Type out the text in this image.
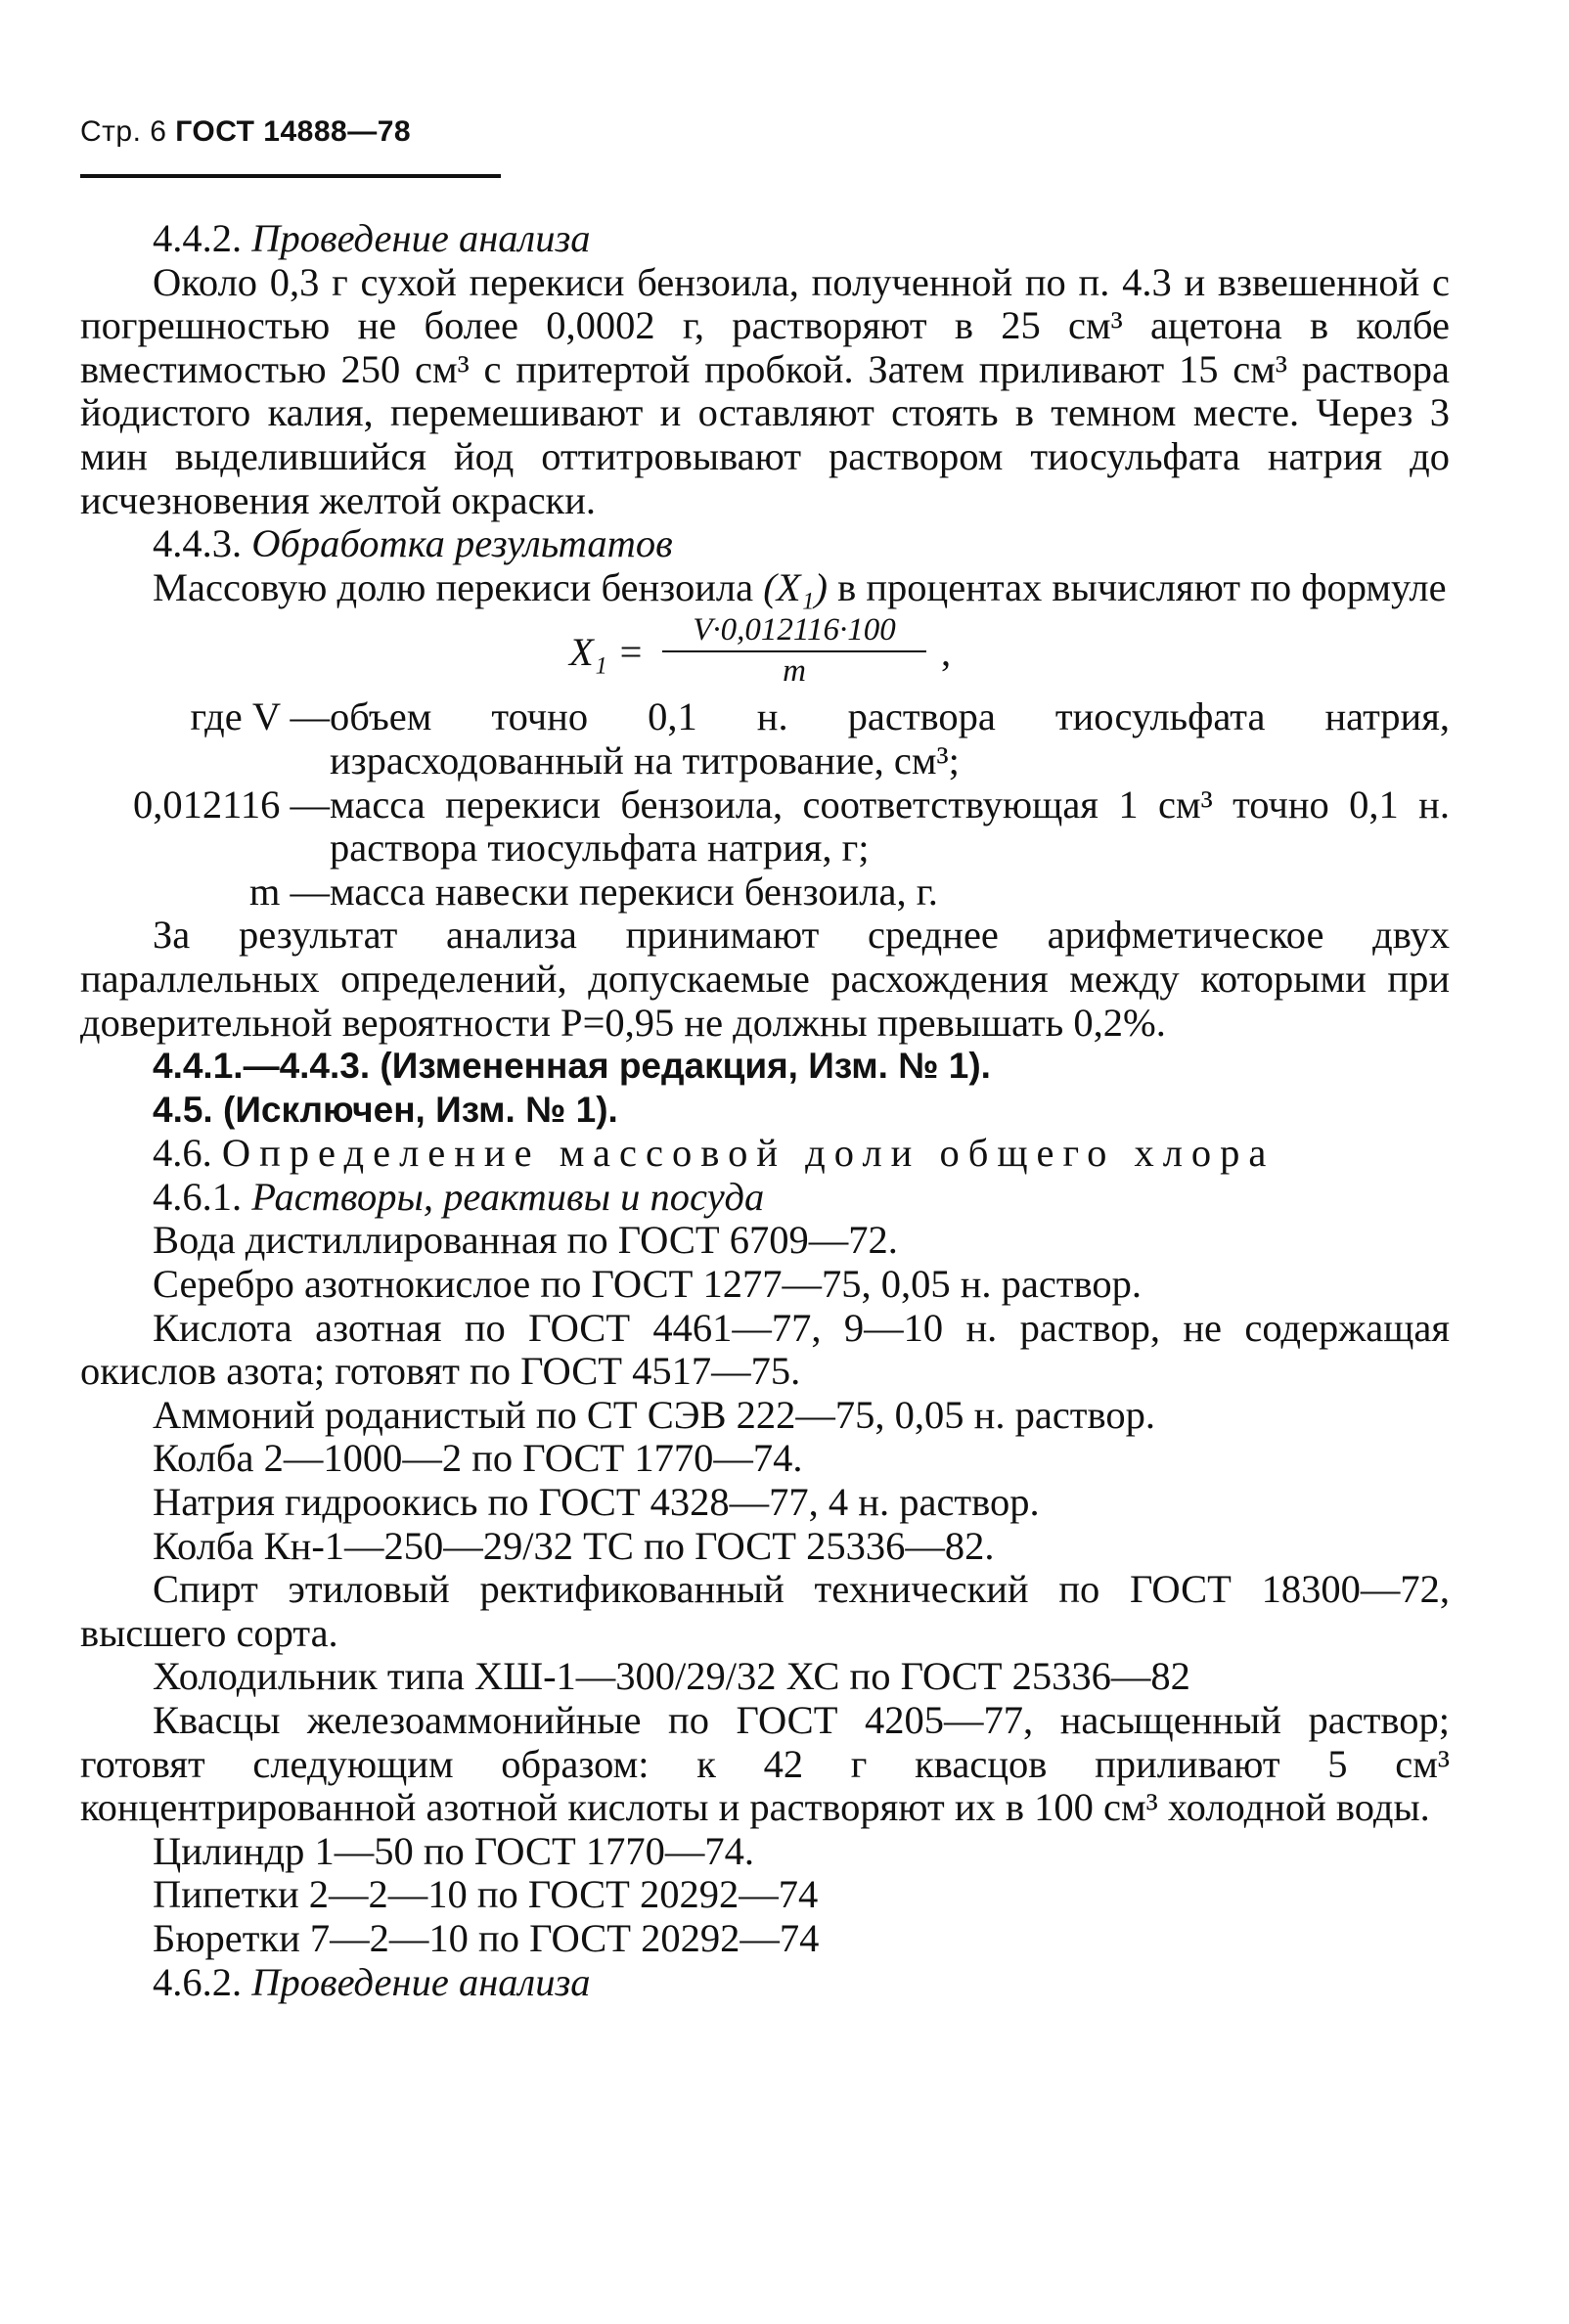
Стр. 6 ГОСТ 14888—78

4.4.2. Проведение анализа

Около 0,3 г сухой перекиси бензоила, полученной по п. 4.3 и взвешенной с погрешностью не более 0,0002 г, растворяют в 25 см³ ацетона в колбе вместимостью 250 см³ с притертой пробкой. Затем приливают 15 см³ раствора йодистого калия, перемешивают и оставляют стоять в темном месте. Через 3 мин выделившийся йод оттитровывают раствором тиосульфата натрия до исчезновения желтой окраски.

4.4.3. Обработка результатов

Массовую долю перекиси бензоила (X₁) в процентах вычисляют по формуле

$X_1 = \frac{V\cdot 0,012116\cdot 100}{m}$ ,
где V — объем точно 0,1 н. раствора тиосульфата натрия, израсходованный на титрование, см³;
0,012116 — масса перекиси бензоила, соответствующая 1 см³ точно 0,1 н. раствора тиосульфата натрия, г;
m — масса навески перекиси бензоила, г.

За результат анализа принимают среднее арифметическое двух параллельных определений, допускаемые расхождения между которыми при доверительной вероятности P=0,95 не должны превышать 0,2%.

4.4.1.—4.4.3. (Измененная редакция, Изм. № 1).

4.5. (Исключен, Изм. № 1).

4.6. Определение массовой доли общего хлора

4.6.1. Растворы, реактивы и посуда

Вода дистиллированная по ГОСТ 6709—72.

Серебро азотнокислое по ГОСТ 1277—75, 0,05 н. раствор.

Кислота азотная по ГОСТ 4461—77, 9—10 н. раствор, не содержащая окислов азота; готовят по ГОСТ 4517—75.

Аммоний роданистый по СТ СЭВ 222—75, 0,05 н. раствор.

Колба 2—1000—2 по ГОСТ 1770—74.

Натрия гидроокись по ГОСТ 4328—77, 4 н. раствор.

Колба Кн-1—250—29/32 ТС по ГОСТ 25336—82.

Спирт этиловый ректификованный технический по ГОСТ 18300—72, высшего сорта.

Холодильник типа ХШ-1—300/29/32 ХС по ГОСТ 25336—82

Квасцы железоаммонийные по ГОСТ 4205—77, насыщенный раствор; готовят следующим образом: к 42 г квасцов приливают 5 см³ концентрированной азотной кислоты и растворяют их в 100 см³ холодной воды.

Цилиндр 1—50 по ГОСТ 1770—74.

Пипетки 2—2—10 по ГОСТ 20292—74

Бюретки 7—2—10 по ГОСТ 20292—74

4.6.2. Проведение анализа
